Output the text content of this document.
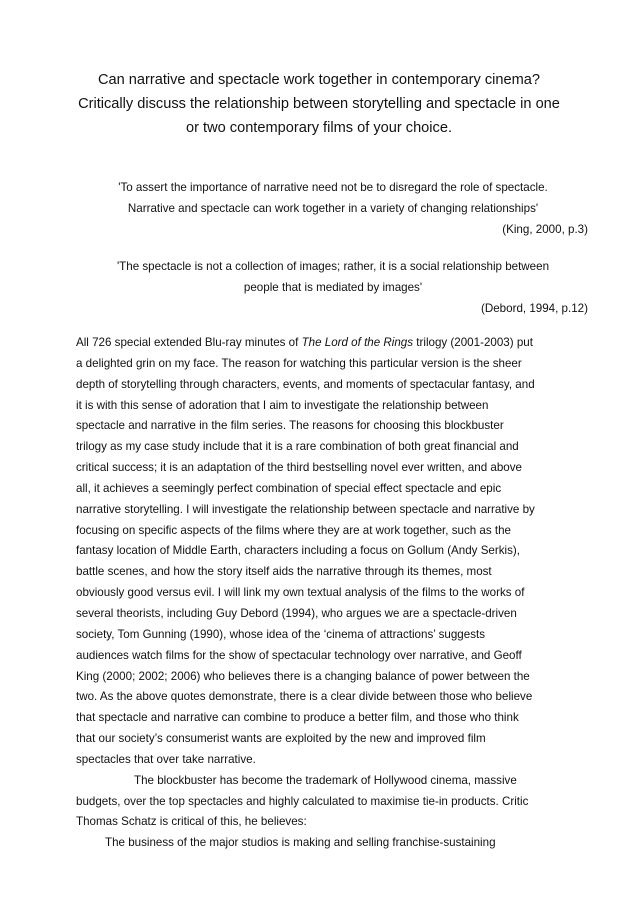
Can narrative and spectacle work together in contemporary cinema?
Critically discuss the relationship between storytelling and spectacle in one
or two contemporary films of your choice.
'To assert the importance of narrative need not be to disregard the role of spectacle.
Narrative and spectacle can work together in a variety of changing relationships'
(King, 2000, p.3)
'The spectacle is not a collection of images; rather, it is a social relationship between
people that is mediated by images'
(Debord, 1994, p.12)
All 726 special extended Blu-ray minutes of The Lord of the Rings trilogy (2001-2003) put
a delighted grin on my face. The reason for watching this particular version is the sheer
depth of storytelling through characters, events, and moments of spectacular fantasy, and
it is with this sense of adoration that I aim to investigate the relationship between
spectacle and narrative in the film series. The reasons for choosing this blockbuster
trilogy as my case study include that it is a rare combination of both great financial and
critical success; it is an adaptation of the third bestselling novel ever written, and above
all, it achieves a seemingly perfect combination of special effect spectacle and epic
narrative storytelling. I will investigate the relationship between spectacle and narrative by
focusing on specific aspects of the films where they are at work together, such as the
fantasy location of Middle Earth, characters including a focus on Gollum (Andy Serkis),
battle scenes, and how the story itself aids the narrative through its themes, most
obviously good versus evil. I will link my own textual analysis of the films to the works of
several theorists, including Guy Debord (1994), who argues we are a spectacle-driven
society, Tom Gunning (1990), whose idea of the ‘cinema of attractions’ suggests
audiences watch films for the show of spectacular technology over narrative, and Geoff
King (2000; 2002; 2006) who believes there is a changing balance of power between the
two. As the above quotes demonstrate, there is a clear divide between those who believe
that spectacle and narrative can combine to produce a better film, and those who think
that our society’s consumerist wants are exploited by the new and improved film
spectacles that over take narrative.
The blockbuster has become the trademark of Hollywood cinema, massive
budgets, over the top spectacles and highly calculated to maximise tie-in products. Critic
Thomas Schatz is critical of this, he believes:
The business of the major studios is making and selling franchise-sustaining
